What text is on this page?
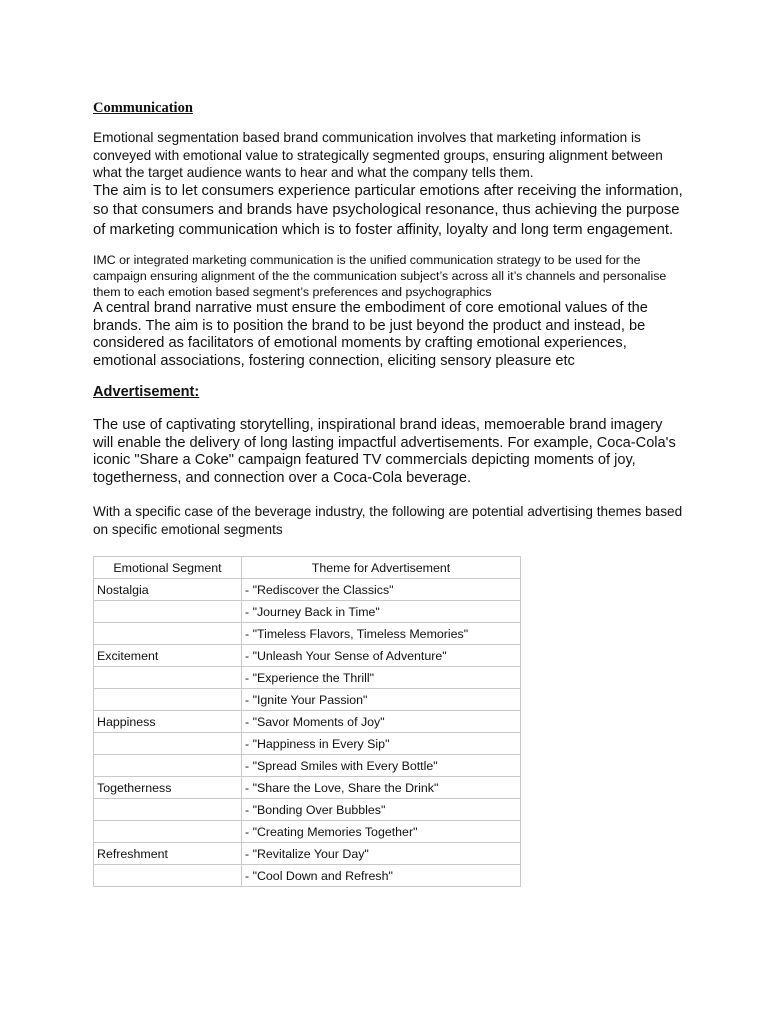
Communication

Emotional segmentation based brand communication involves that marketing information is conveyed with emotional value to strategically segmented groups, ensuring alignment between what the target audience wants to hear and what the company tells them.

The aim is to let consumers experience particular emotions after receiving the information, so that consumers and brands have psychological resonance, thus achieving the purpose of marketing communication which is to foster affinity, loyalty and long term engagement.

IMC or integrated marketing communication is the unified communication strategy to be used for the campaign ensuring alignment of the the communication subject’s across all it’s channels and personalise them to each emotion based segment’s preferences and psychographics

A central brand narrative must ensure the embodiment of core emotional values of the brands. The aim is to position the brand to be just beyond the product and instead, be considered as facilitators of emotional moments by crafting emotional experiences, emotional associations, fostering connection, eliciting sensory pleasure etc

Advertisement:

The use of captivating storytelling, inspirational brand ideas, memoerable brand imagery will enable the delivery of long lasting impactful advertisements. For example, Coca-Cola's iconic "Share a Coke" campaign featured TV commercials depicting moments of joy, togetherness, and connection over a Coca-Cola beverage.

With a specific case of the beverage industry, the following are potential advertising themes based on specific emotional segments

Emotional Segment	Theme for Advertisement
Nostalgia	- "Rediscover the Classics"
	- "Journey Back in Time"
	- "Timeless Flavors, Timeless Memories"
Excitement	- "Unleash Your Sense of Adventure"
	- "Experience the Thrill"
	- "Ignite Your Passion"
Happiness	- "Savor Moments of Joy"
	- "Happiness in Every Sip"
	- "Spread Smiles with Every Bottle"
Togetherness	- "Share the Love, Share the Drink"
	- "Bonding Over Bubbles"
	- "Creating Memories Together"
Refreshment	- "Revitalize Your Day"
	- "Cool Down and Refresh"
